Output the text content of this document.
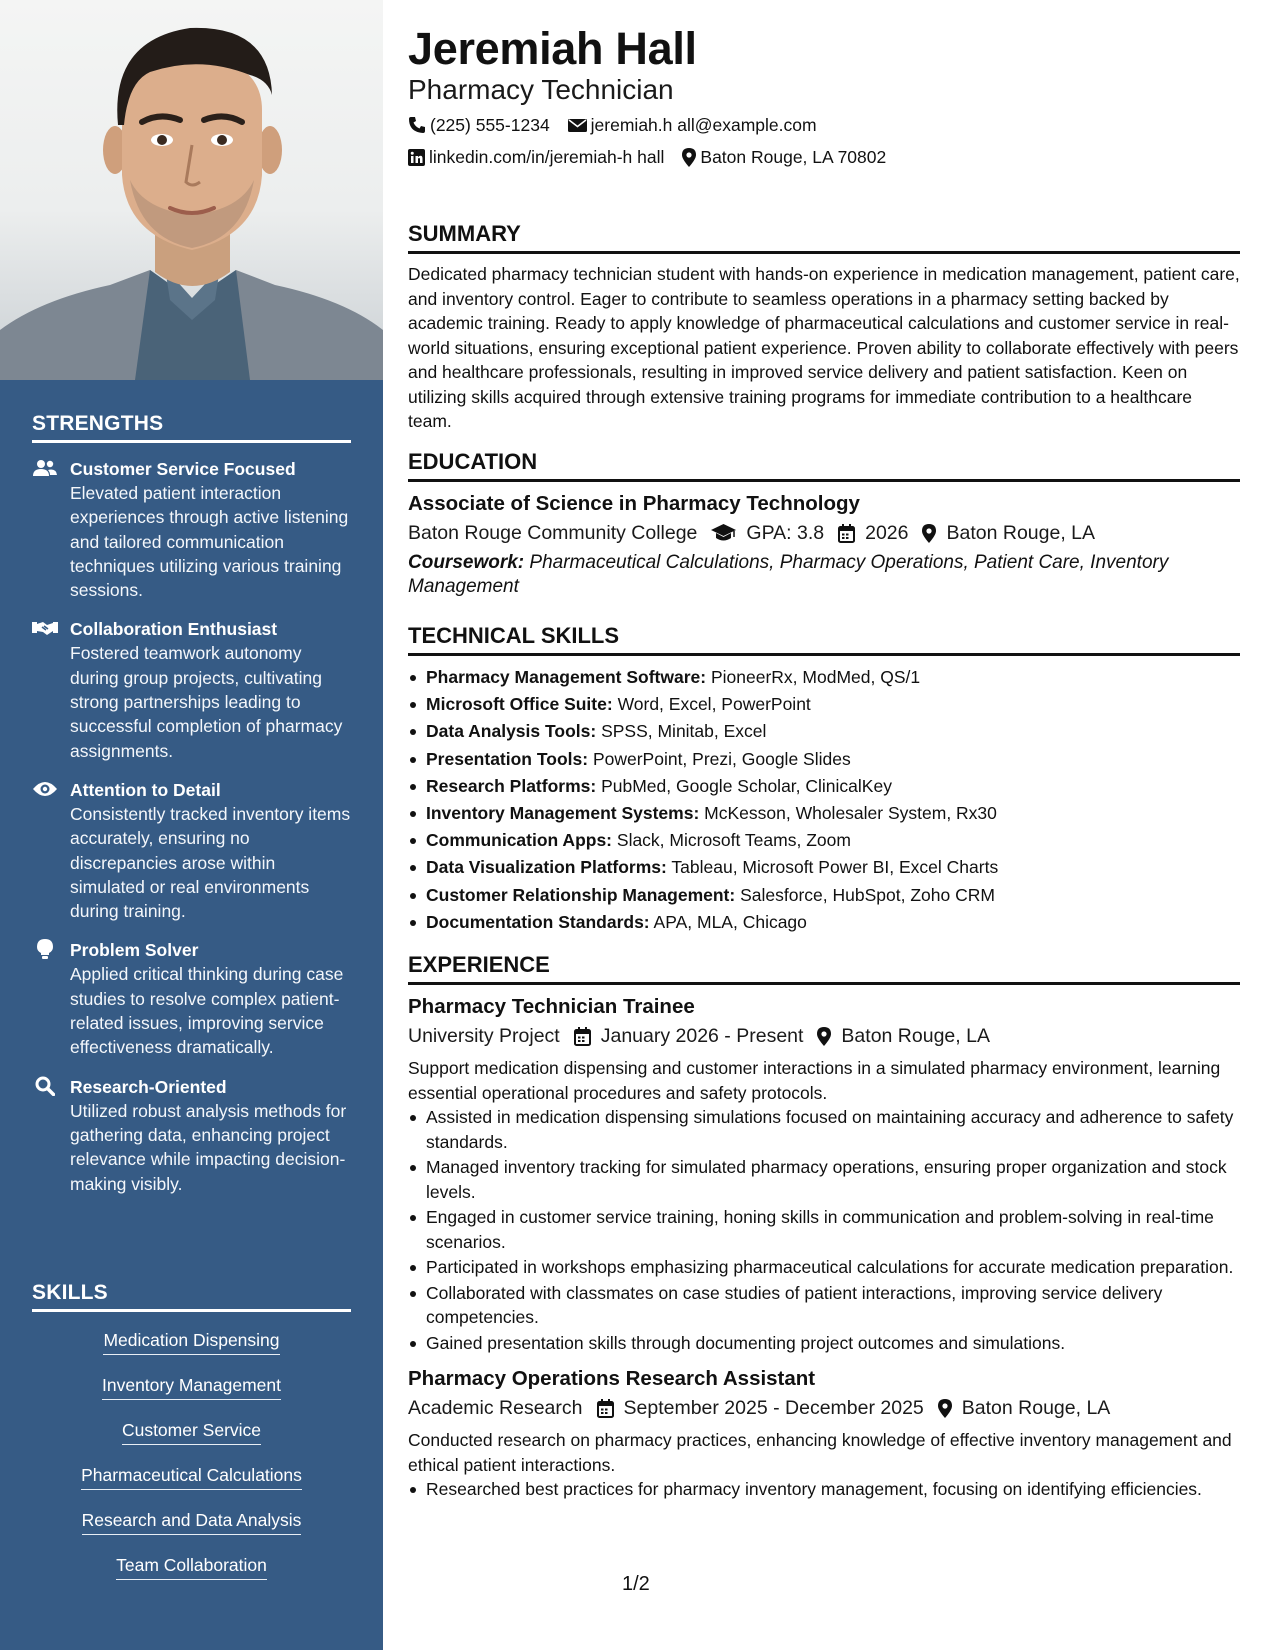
STRENGTHS
Customer Service Focused
Elevated patient interaction experiences through active listening and tailored communication techniques utilizing various training sessions.
Collaboration Enthusiast
Fostered teamwork autonomy during group projects, cultivating strong partnerships leading to successful completion of pharmacy assignments.
Attention to Detail
Consistently tracked inventory items accurately, ensuring no discrepancies arose within simulated or real environments during training.
Problem Solver
Applied critical thinking during case studies to resolve complex patient-related issues, improving service effectiveness dramatically.
Research-Oriented
Utilized robust analysis methods for gathering data, enhancing project relevance while impacting decision-making visibly.
SKILLS
Medication Dispensing
Inventory Management
Customer Service
Pharmaceutical Calculations
Research and Data Analysis
Team Collaboration
Jeremiah Hall
Pharmacy Technician
(225) 555-1234 jeremiah.h all@example.com
linkedin.com/in/jeremiah-h hall Baton Rouge, LA 70802
SUMMARY
Dedicated pharmacy technician student with hands-on experience in medication management, patient care, and inventory control. Eager to contribute to seamless operations in a pharmacy setting backed by academic training. Ready to apply knowledge of pharmaceutical calculations and customer service in real-world situations, ensuring exceptional patient experience. Proven ability to collaborate effectively with peers and healthcare professionals, resulting in improved service delivery and patient satisfaction. Keen on utilizing skills acquired through extensive training programs for immediate contribution to a healthcare team.
EDUCATION
Associate of Science in Pharmacy Technology
Baton Rouge Community College	GPA: 3.8 2026 Baton Rouge, LA
Coursework: Pharmaceutical Calculations, Pharmacy Operations, Patient Care, Inventory Management
TECHNICAL SKILLS
Pharmacy Management Software: PioneerRx, ModMed, QS/1
Microsoft Office Suite: Word, Excel, PowerPoint
Data Analysis Tools: SPSS, Minitab, Excel
Presentation Tools: PowerPoint, Prezi, Google Slides
Research Platforms: PubMed, Google Scholar, ClinicalKey
Inventory Management Systems: McKesson, Wholesaler System, Rx30
Communication Apps: Slack, Microsoft Teams, Zoom
Data Visualization Platforms: Tableau, Microsoft Power BI, Excel Charts
Customer Relationship Management: Salesforce, HubSpot, Zoho CRM
Documentation Standards: APA, MLA, Chicago
EXPERIENCE
Pharmacy Technician Trainee
University Project January 2026 - Present Baton Rouge, LA
Support medication dispensing and customer interactions in a simulated pharmacy environment, learning essential operational procedures and safety protocols.
Assisted in medication dispensing simulations focused on maintaining accuracy and adherence to safety standards.
Managed inventory tracking for simulated pharmacy operations, ensuring proper organization and stock levels.
Engaged in customer service training, honing skills in communication and problem-solving in real-time scenarios.
Participated in workshops emphasizing pharmaceutical calculations for accurate medication preparation.
Collaborated with classmates on case studies of patient interactions, improving service delivery competencies.
Gained presentation skills through documenting project outcomes and simulations.
Pharmacy Operations Research Assistant
Academic Research September 2025 - December 2025 Baton Rouge, LA
Conducted research on pharmacy practices, enhancing knowledge of effective inventory management and ethical patient interactions.
Researched best practices for pharmacy inventory management, focusing on identifying efficiencies.
1/2
